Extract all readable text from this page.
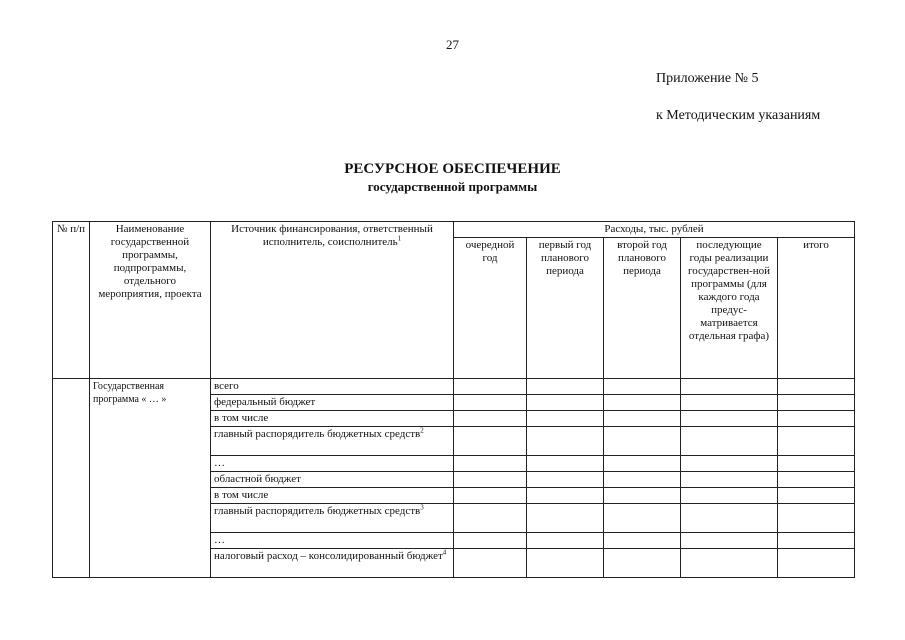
27
Приложение № 5
к Методическим указаниям
РЕСУРСНОЕ ОБЕСПЕЧЕНИЕ
государственной программы
№ п/п	Наименование государственной программы, подпрограммы, отдельного мероприятия, проекта	Источник финансирования, ответственный исполнитель, соисполнитель$^1$	Расходы, тыс. рублей				
			очередной год	первый год планового периода	второй год планового периода	последующие годы реализации государствен-ной программы (для каждого года предус-матривается отдельная графа)	итого
	Государственная программа « … »	всего					
		федеральный бюджет					
		в том числе					
		главный распорядитель бюджетных средств$^2$					
		…					
		областной бюджет					
		в том числе					
		главный распорядитель бюджетных средств$^3$					
		…					
		налоговый расход – консолидированный бюджет$^4$					
